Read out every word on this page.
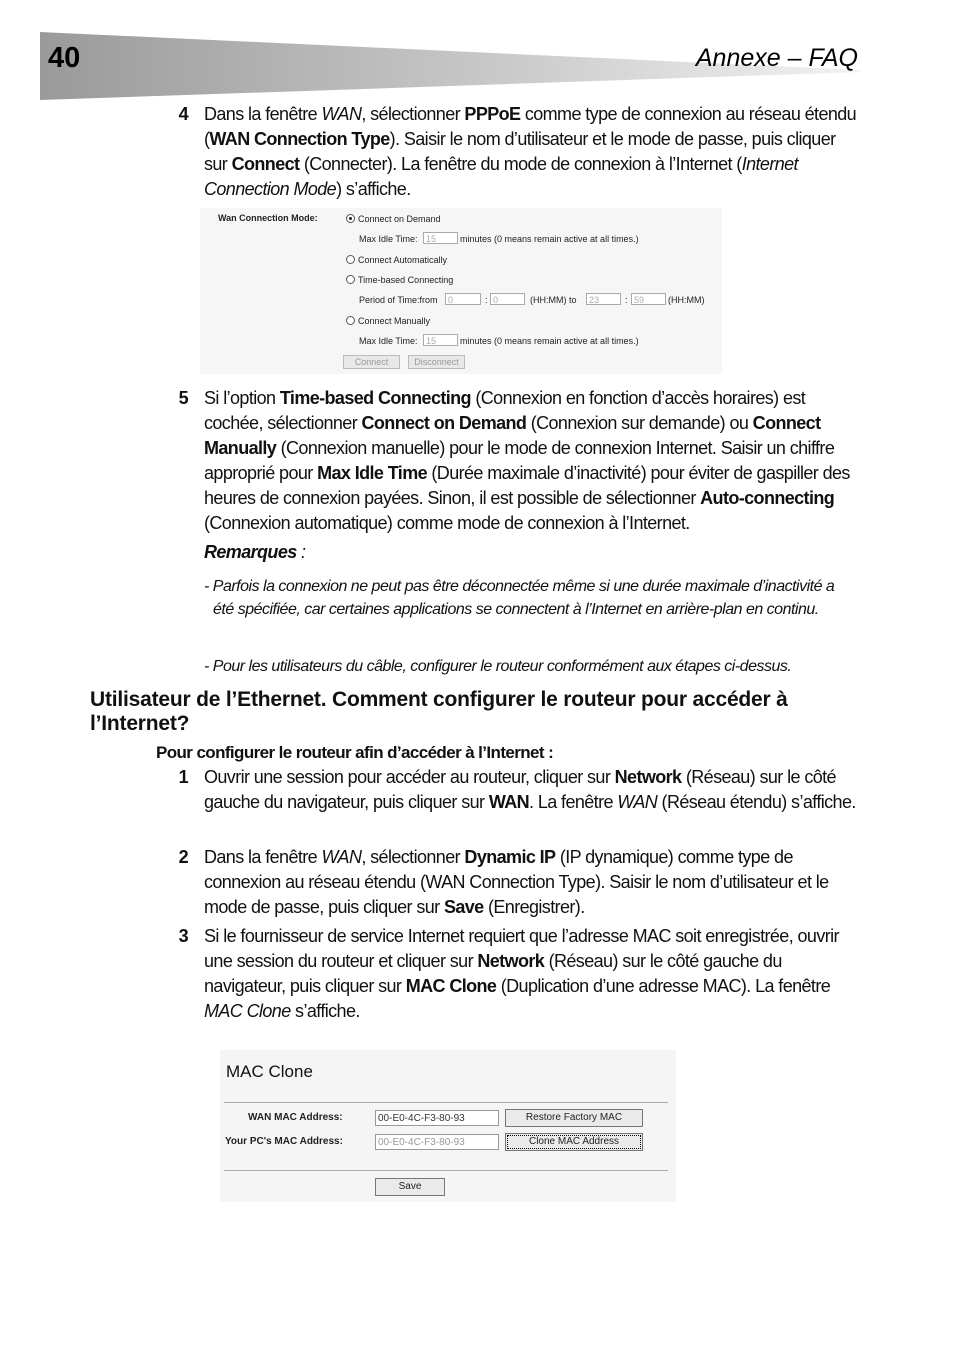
40	Annexe – FAQ
4 Dans la fenêtre WAN, sélectionner PPPoE comme type de connexion au réseau étendu (WAN Connection Type). Saisir le nom d’utilisateur et le mode de passe, puis cliquer sur Connect (Connecter). La fenêtre du mode de connexion à l’Internet (Internet Connection Mode) s’affiche.
Wan Connection Mode:	Connect on Demand
Max Idle Time: 15	minutes (0 means remain active at all times.)
Connect Automatically
Time-based Connecting
Period of Time:from	0	: 0	(HH:MM) to	23	: 59	(HH:MM)
Connect Manually
Max Idle Time: 15	minutes (0 means remain active at all times.)
Connect	Disconnect
5 Si l’option Time-based Connecting (Connexion en fonction d’accès horaires) est cochée, sélectionner Connect on Demand (Connexion sur demande) ou Connect Manually (Connexion manuelle) pour le mode de connexion Internet. Saisir un chiffre approprié pour Max Idle Time (Durée maximale d’inactivité) pour éviter de gaspiller des heures de connexion payées. Sinon, il est possible de sélectionner Auto-connecting (Connexion automatique) comme mode de connexion à l’Internet.
Remarques :
- Parfois la connexion ne peut pas être déconnectée même si une durée maximale d’inactivité a été spécifiée, car certaines applications se connectent à l’Internet en arrière-plan en continu.
- Pour les utilisateurs du câble, configurer le routeur conformément aux étapes ci-dessus.
Utilisateur de l’Ethernet. Comment configurer le routeur pour accéder à l’Internet?
Pour configurer le routeur afin d’accéder à l’Internet :
1 Ouvrir une session pour accéder au routeur, cliquer sur Network (Réseau) sur le côté gauche du navigateur, puis cliquer sur WAN. La fenêtre WAN (Réseau étendu) s’affiche.
2 Dans la fenêtre WAN, sélectionner Dynamic IP (IP dynamique) comme type de connexion au réseau étendu (WAN Connection Type). Saisir le nom d’utilisateur et le mode de passe, puis cliquer sur Save (Enregistrer).
3 Si le fournisseur de service Internet requiert que l’adresse MAC soit enregistrée, ouvrir une session du routeur et cliquer sur Network (Réseau) sur le côté gauche du navigateur, puis cliquer sur MAC Clone (Duplication d’une adresse MAC). La fenêtre MAC Clone s’affiche.
MAC Clone
WAN MAC Address:	00-E0-4C-F3-80-93	Restore Factory MAC
Your PC's MAC Address:	00-E0-4C-F3-80-93	Clone MAC Address
Save
